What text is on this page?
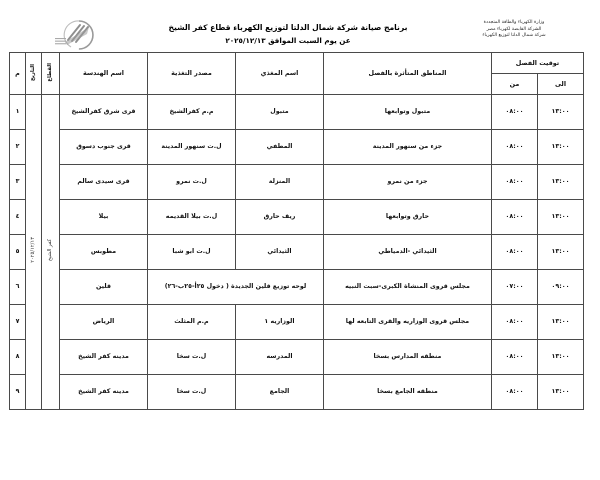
وزارة الكهرباء والطاقة المتجددة
الشركة القابضة لكهرباء مصر
شركة شمال الدلتا لتوزيع الكهرباء
برنامج صيانة شركة شمال الدلتا لتوزيع الكهرباء قطاع كفر الشيخ
عن يوم السبت الموافق ٢٠٢٥/١٢/١٣
توقيت الفصل		المناطق المتأثرة بالفصل	اسم المغذي	مصدر التغذية	اسم الهندسة	القطاع	التاريخ	م
الى	من							
١٣:٠٠	٠٨:٠٠	متبول وتوابعها	متبول	م.م كفرالشيخ	قرى شرق كفرالشيخ	كفر الشيخ	٢٠٢٥/١٢/١٣	١
١٣:٠٠	٠٨:٠٠	جزء من سنهور المدينة	المطفي	ل.ت سنهور المدينة	قرى جنوب دسوق			٢
١٣:٠٠	٠٨:٠٠	جزء من نمرو	المنزلة	ل.ت نمرو	قرى سيدى سالم			٣
١٣:٠٠	٠٨:٠٠	حارق وتوابعها	ريف حارق	ل.ت بيلا القديمه	بيلا			٤
١٣:٠٠	٠٨:٠٠	الثيدائي -الدمياطي	الثيدائي	ل.ت ابو شبا	مطوبس			٥
٠٩:٠٠	٠٧:٠٠	مجلس قروى المنشاة الكبرى-سبت النبيه	لوحه توزيع قلين الجديدة ( دخول ٢٥أ-٢٥ب-٢٦)		قلين			٦
١٣:٠٠	٠٨:٠٠	مجلس قروى الوزاريه والقرى التابعه لها	الوزاريه ١	م.م المثلث	الرياض			٧
١٣:٠٠	٠٨:٠٠	منطقه المدارس بسخا	المدرسه	ل.ت سخا	مدينه كفر الشيخ			٨
١٣:٠٠	٠٨:٠٠	منطقه الجامع بسخا	الجامع	ل.ت سخا	مدينه كفر الشيخ			٩
